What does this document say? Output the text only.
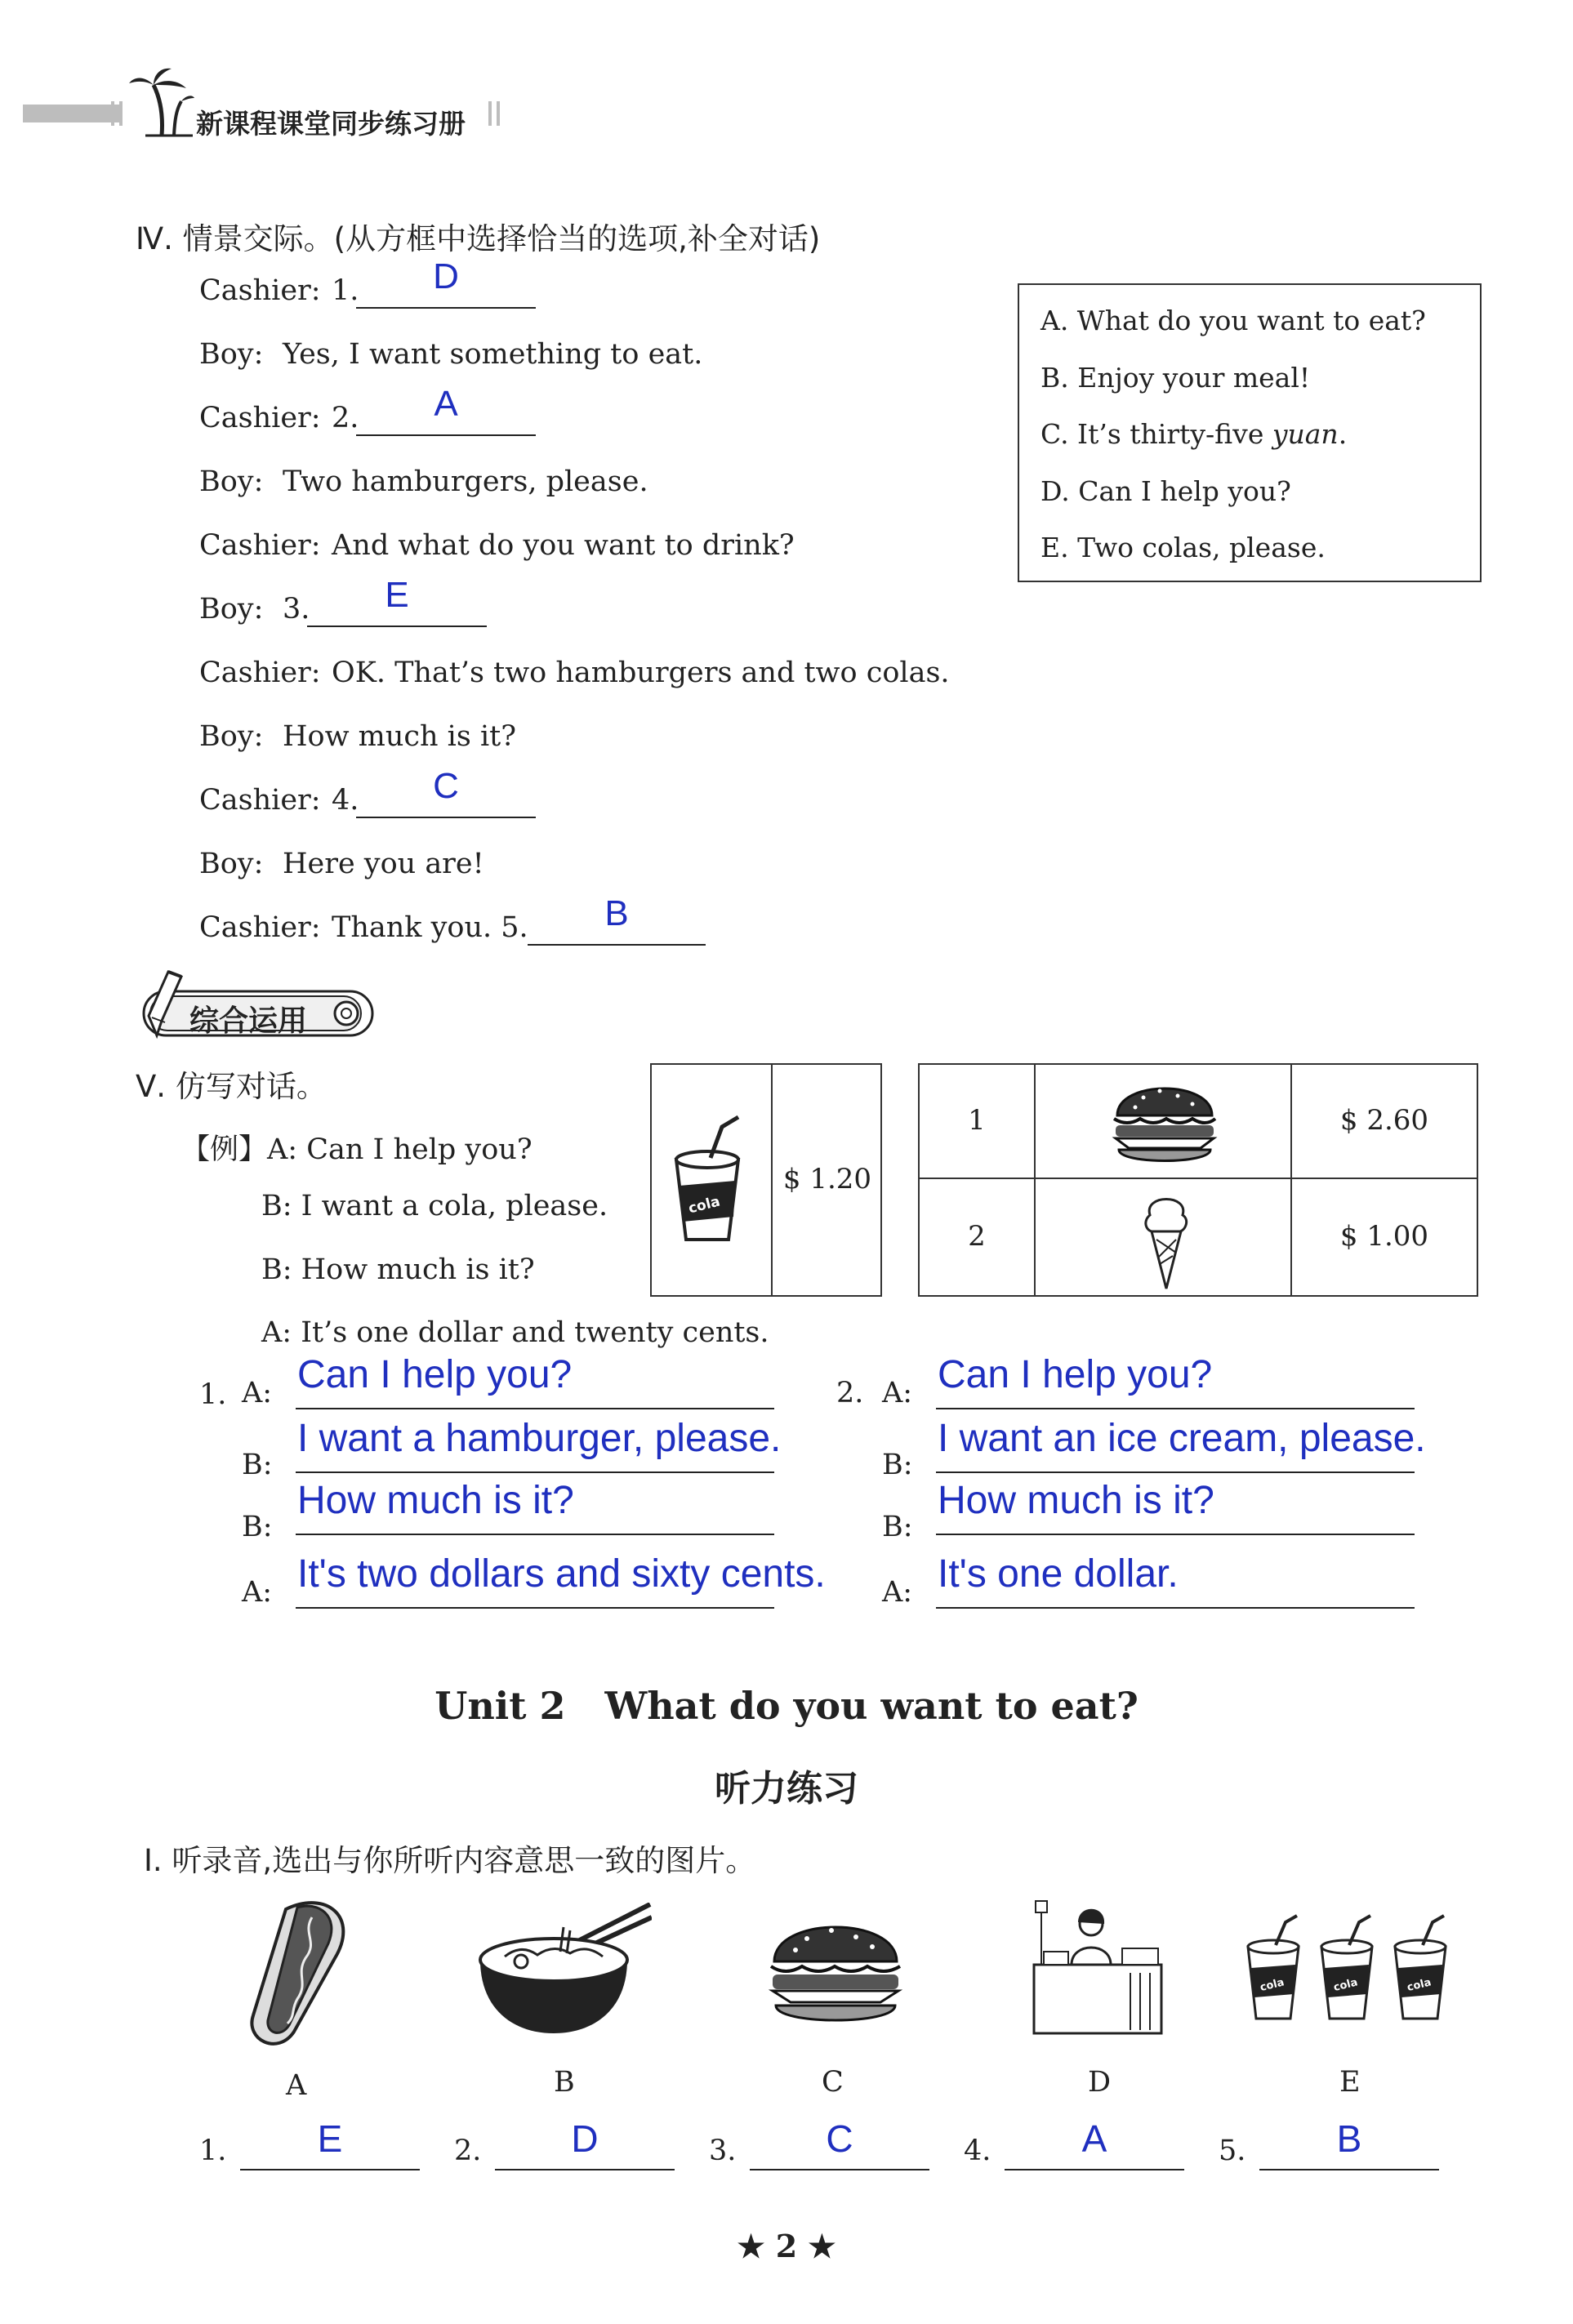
新课程课堂同步练习册
Ⅳ. 情景交际。(从方框中选择恰当的选项,补全对话)
A. What do you want to eat?
B. Enjoy your meal!
C. It’s thirty-five yuan.
D. Can I help you?
E. Two colas, please.
综合运用
Ⅴ. 仿写对话。
【例】A: Can I help you?
B: I want a cola, please.
B: How much is it?
A: It’s one dollar and twenty cents.
cola
$ 1.20
1	$ 2.60
2	$ 1.00
1.	2.
Unit 2   What do you want to eat?
听力练习
Ⅰ. 听录音,选出与你所听内容意思一致的图片。
cola	cola	cola
A	B	C	D	E
★ 2 ★
Cashier: 1.	D
Boy: Yes, I want something to eat.
Cashier: 2.	A
Boy: Two hamburgers, please.
Cashier: And what do you want to drink?
Boy: 3.	E
Cashier: OK. That’s two hamburgers and two colas.
Boy: How much is it?
Cashier: 4.	C
Boy: Here you are!
Cashier: Thank you. 5.	B
A: Can I help you?
B:
I want a hamburger, please.
B:
How much is it?
A: It's two dollars and sixty cents.
A: Can I help you?
B:
I want an ice cream, please.
B:
How much is it?
A: It's one dollar.
1.	E	2.	D	3.	C	4.	A	5.	B
